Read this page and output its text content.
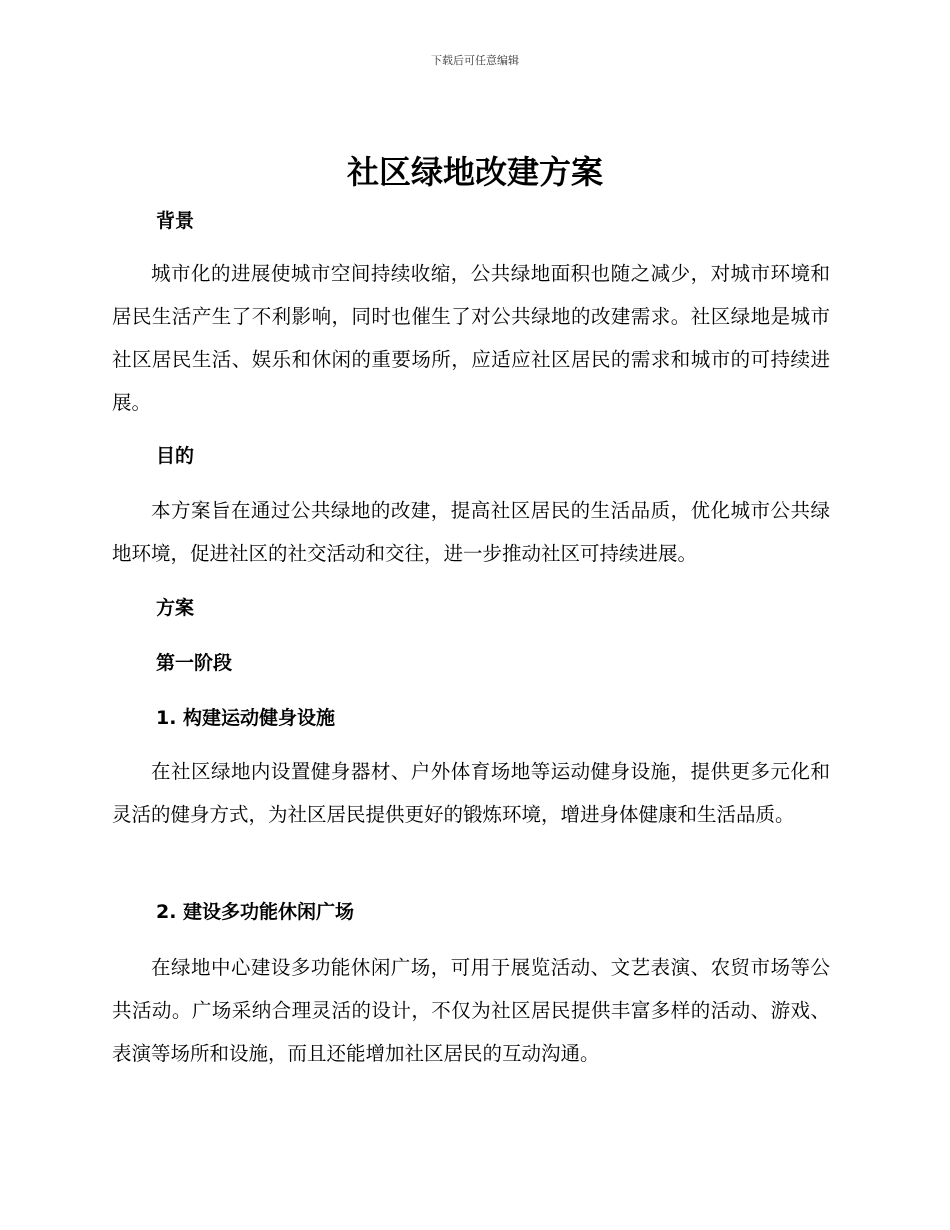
下载后可任意编辑
社区绿地改建方案
背景
城市化的进展使城市空间持续收缩，公共绿地面积也随之减少，对城市环境和居民生活产生了不利影响，同时也催生了对公共绿地的改建需求。社区绿地是城市社区居民生活、娱乐和休闲的重要场所，应适应社区居民的需求和城市的可持续进展。
目的
本方案旨在通过公共绿地的改建，提高社区居民的生活品质，优化城市公共绿地环境，促进社区的社交活动和交往，进一步推动社区可持续进展。
方案
第一阶段
1. 构建运动健身设施
在社区绿地内设置健身器材、户外体育场地等运动健身设施，提供更多元化和灵活的健身方式，为社区居民提供更好的锻炼环境，增进身体健康和生活品质。
2. 建设多功能休闲广场
在绿地中心建设多功能休闲广场，可用于展览活动、文艺表演、农贸市场等公共活动。广场采纳合理灵活的设计，不仅为社区居民提供丰富多样的活动、游戏、表演等场所和设施，而且还能增加社区居民的互动沟通。
